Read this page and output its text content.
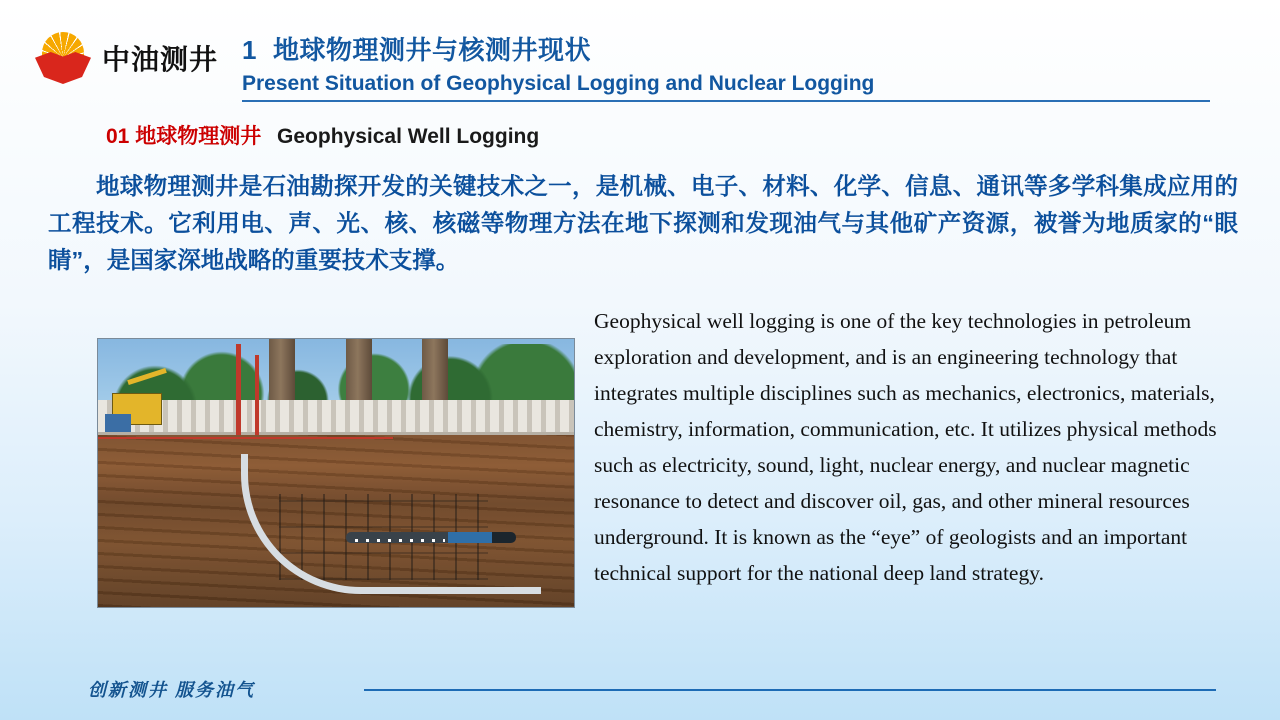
中油测井 1 地球物理测井与核测井现状
Present Situation of Geophysical Logging and Nuclear Logging
01 地球物理测井 Geophysical Well Logging
地球物理测井是石油勘探开发的关键技术之一，是机械、电子、材料、化学、信息、通讯等多学科集成应用的工程技术。它利用电、声、光、核、核磁等物理方法在地下探测和发现油气与其他矿产资源，被誉为地质家的“眼睛”，是国家深地战略的重要技术支撑。
Geophysical well logging is one of the key technologies in petroleum exploration and development, and is an engineering technology that integrates multiple disciplines such as mechanics, electronics, materials, chemistry, information, communication, etc. It utilizes physical methods such as electricity, sound, light, nuclear energy, and nuclear magnetic resonance to detect and discover oil, gas, and other mineral resources underground. It is known as the “eye” of geologists and an important technical support for the national deep land strategy.
创新测井 服务油气
